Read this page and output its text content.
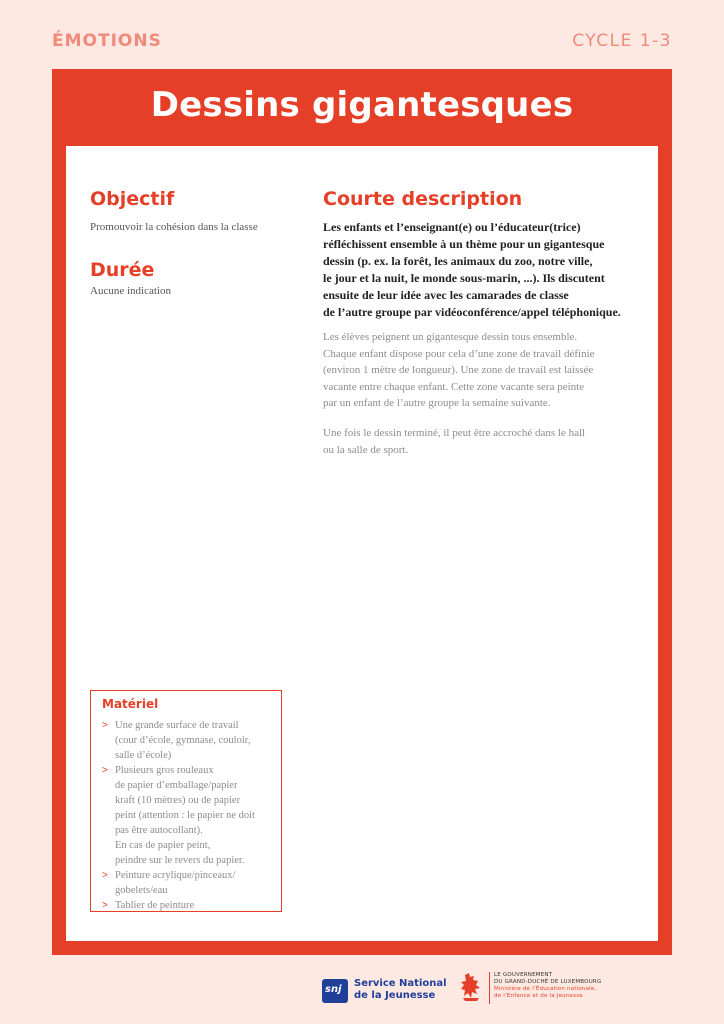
ÉMOTIONS	CYCLE 1-3
Dessins gigantesques
Objectif
Promouvoir la cohésion dans la classe
Durée
Aucune indication
Courte description
Les enfants et l’enseignant(e) ou l’éducateur(trice)
réfléchissent ensemble à un thème pour un gigantesque
dessin (p. ex. la forêt, les animaux du zoo, notre ville,
le jour et la nuit, le monde sous-marin, ...). Ils discutent
ensuite de leur idée avec les camarades de classe
de l’autre groupe par vidéoconférence/appel téléphonique.
Les élèves peignent un gigantesque dessin tous ensemble.
Chaque enfant dispose pour cela d’une zone de travail définie
(environ 1 mètre de longueur). Une zone de travail est laissée
vacante entre chaque enfant. Cette zone vacante sera peinte
par un enfant de l’autre groupe la semaine suivante.
Une fois le dessin terminé, il peut être accroché dans le hall
ou la salle de sport.
Matériel
> Une grande surface de travail
(cour d’école, gymnase, couloir,
salle d’école)
> Plusieurs gros rouleaux
de papier d’emballage/papier
kraft (10 mètres) ou de papier
peint (attention : le papier ne doit
pas être autocollant).
En cas de papier peint,
peindre sur le revers du papier.
> Peinture acrylique/pinceaux/
gobelets/eau
> Tablier de peinture
snj
Service National
de la Jeunesse
LE GOUVERNEMENT
DU GRAND-DUCHÉ DE LUXEMBOURG
Ministère de l’Éducation nationale,
de l’Enfance et de la Jeunesse
